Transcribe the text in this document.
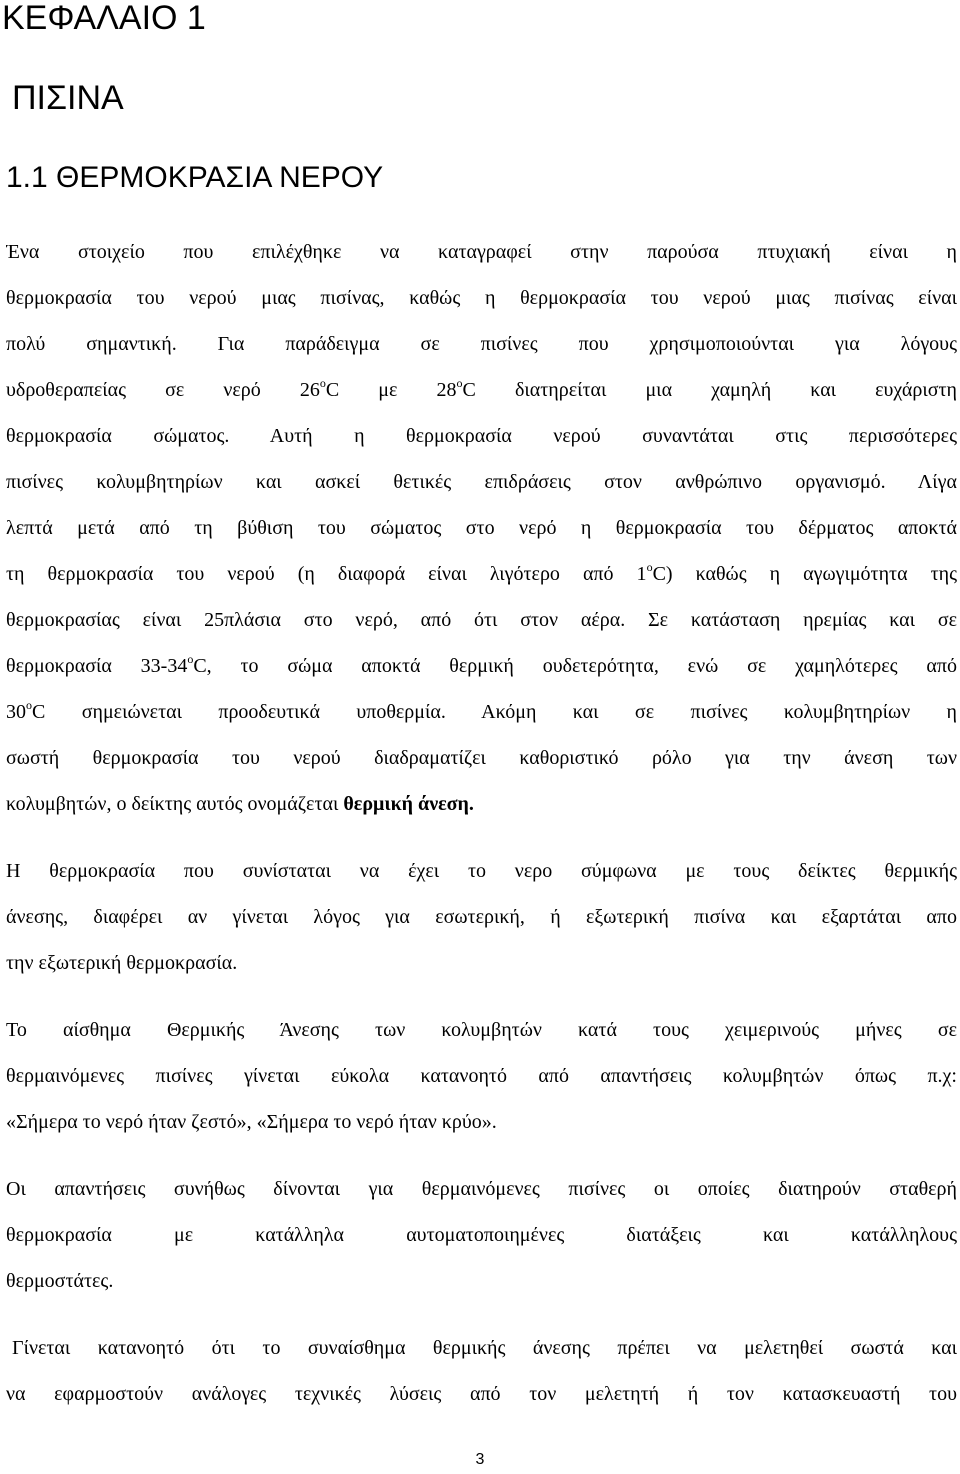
ΚΕΦΑΛΑΙΟ 1
ΠΙΣΙΝΑ
1.1 ΘΕΡΜΟΚΡΑΣΙΑ ΝΕΡΟΥ
Ένα στοιχείο που επιλέχθηκε να καταγραφεί στην παρούσα πτυχιακή είναι η
θερμοκρασία του νερού μιας πισίνας, καθώς η θερμοκρασία του νερού μιας πισίνας είναι
πολύ σημαντική. Για παράδειγμα σε πισίνες που χρησιμοποιούνται για λόγους
υδροθεραπείας σε νερό $26^oC$ με $28^oC$ διατηρείται μια χαμηλή και ευχάριστη
θερμοκρασία σώματος. Αυτή η θερμοκρασία νερού συναντάται στις περισσότερες
πισίνες κολυμβητηρίων και ασκεί θετικές επιδράσεις στον ανθρώπινο οργανισμό. Λίγα
λεπτά μετά από τη βύθιση του σώματος στο νερό η θερμοκρασία του δέρματος αποκτά
τη θερμοκρασία του νερού (η διαφορά είναι λιγότερο από $1^oC$) καθώς η αγωγιμότητα της
θερμοκρασίας είναι 25πλάσια στο νερό, από ότι στον αέρα. Σε κατάσταση ηρεμίας και σε
θερμοκρασία $33-34^oC$, το σώμα αποκτά θερμική ουδετερότητα, ενώ σε χαμηλότερες από
$30^oC$ σημειώνεται προοδευτικά υποθερμία. Ακόμη και σε πισίνες κολυμβητηρίων η
σωστή θερμοκρασία του νερού διαδραματίζει καθοριστικό ρόλο για την άνεση των
κολυμβητών, ο δείκτης αυτός ονομάζεται θερμική άνεση.
Η θερμοκρασία που συνίσταται να έχει το νερο σύμφωνα με τους δείκτες θερμικής
άνεσης, διαφέρει αν γίνεται λόγος για εσωτερική, ή εξωτερική πισίνα και εξαρτάται απο
την εξωτερική θερμοκρασία.
Το αίσθημα Θερμικής Άνεσης των κολυμβητών κατά τους χειμερινούς μήνες σε
θερμαινόμενες πισίνες γίνεται εύκολα κατανοητό από απαντήσεις κολυμβητών όπως π.χ:
«Σήμερα το νερό ήταν ζεστό», «Σήμερα το νερό ήταν κρύο».
Οι απαντήσεις συνήθως δίνονται για θερμαινόμενες πισίνες οι οποίες διατηρούν σταθερή
θερμοκρασία με κατάλληλα αυτοματοποιημένες διατάξεις και κατάλληλους
θερμοστάτες.
Γίνεται κατανοητό ότι το συναίσθημα θερμικής άνεσης πρέπει να μελετηθεί σωστά και
να εφαρμοστούν ανάλογες τεχνικές λύσεις από τον μελετητή ή τον κατασκευαστή του
3
